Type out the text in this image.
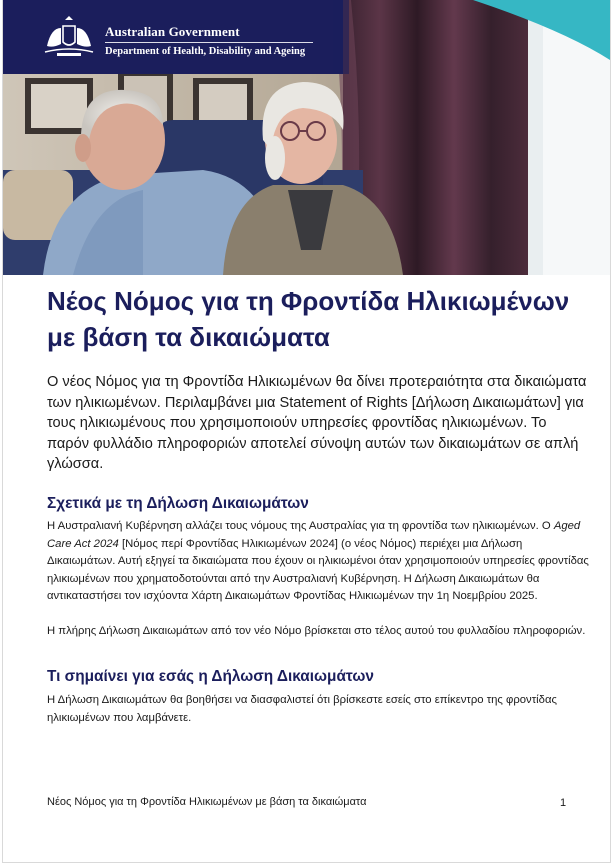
Australian Government
Department of Health, Disability and Ageing
Νέος Νόμος για τη Φροντίδα Ηλικιωμένων με βάση τα δικαιώματα

Ο νέος Νόμος για τη Φροντίδα Ηλικιωμένων θα δίνει προτεραιότητα στα δικαιώματα των ηλικιωμένων. Περιλαμβάνει μια Statement of Rights [Δήλωση Δικαιωμάτων] για τους ηλικιωμένους που χρησιμοποιούν υπηρεσίες φροντίδας ηλικιωμένων. Το παρόν φυλλάδιο πληροφοριών αποτελεί σύνοψη αυτών των δικαιωμάτων σε απλή γλώσσα.

Σχετικά με τη Δήλωση Δικαιωμάτων

Η Αυστραλιανή Κυβέρνηση αλλάζει τους νόμους της Αυστραλίας για τη φροντίδα των ηλικιωμένων. Ο Aged Care Act 2024 [Νόμος περί Φροντίδας Ηλικιωμένων 2024] (ο νέος Νόμος) περιέχει μια Δήλωση Δικαιωμάτων. Αυτή εξηγεί τα δικαιώματα που έχουν οι ηλικιωμένοι όταν χρησιμοποιούν υπηρεσίες φροντίδας ηλικιωμένων που χρηματοδοτούνται από την Αυστραλιανή Κυβέρνηση. Η Δήλωση Δικαιωμάτων θα αντικαταστήσει τον ισχύοντα Χάρτη Δικαιωμάτων Φροντίδας Ηλικιωμένων την 1η Νοεμβρίου 2025.

Η πλήρης Δήλωση Δικαιωμάτων από τον νέο Νόμο βρίσκεται στο τέλος αυτού του φυλλαδίου πληροφοριών.

Τι σημαίνει για εσάς η Δήλωση Δικαιωμάτων

Η Δήλωση Δικαιωμάτων θα βοηθήσει να διασφαλιστεί ότι βρίσκεστε εσείς στο επίκεντρο της φροντίδας ηλικιωμένων που λαμβάνετε.

Νέος Νόμος για τη Φροντίδα Ηλικιωμένων με βάση τα δικαιώματα	1
